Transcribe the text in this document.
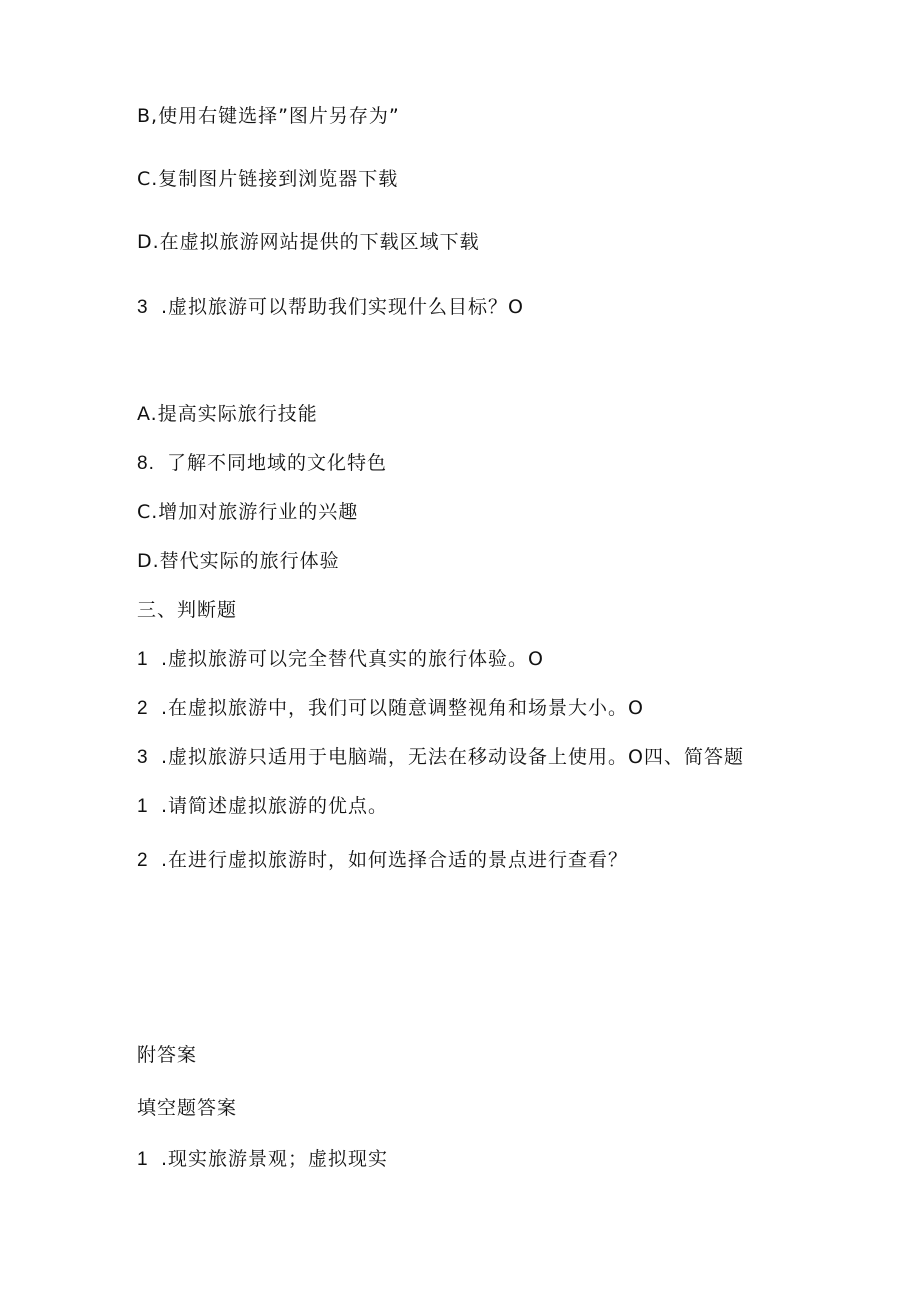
B,使用右键选择”图片另存为”
C.复制图片链接到浏览器下载
D.在虚拟旅游网站提供的下载区域下载
3 .虚拟旅游可以帮助我们实现什么目标？O
A.提高实际旅行技能
8. 了解不同地域的文化特色
C.增加对旅游行业的兴趣
D.替代实际的旅行体验
三、判断题
1 .虚拟旅游可以完全替代真实的旅行体验。O
2 .在虚拟旅游中，我们可以随意调整视角和场景大小。O
3 .虚拟旅游只适用于电脑端，无法在移动设备上使用。O四、简答题
1 .请简述虚拟旅游的优点。
2 .在进行虚拟旅游时，如何选择合适的景点进行查看？
附答案
填空题答案
1 .现实旅游景观；虚拟现实
